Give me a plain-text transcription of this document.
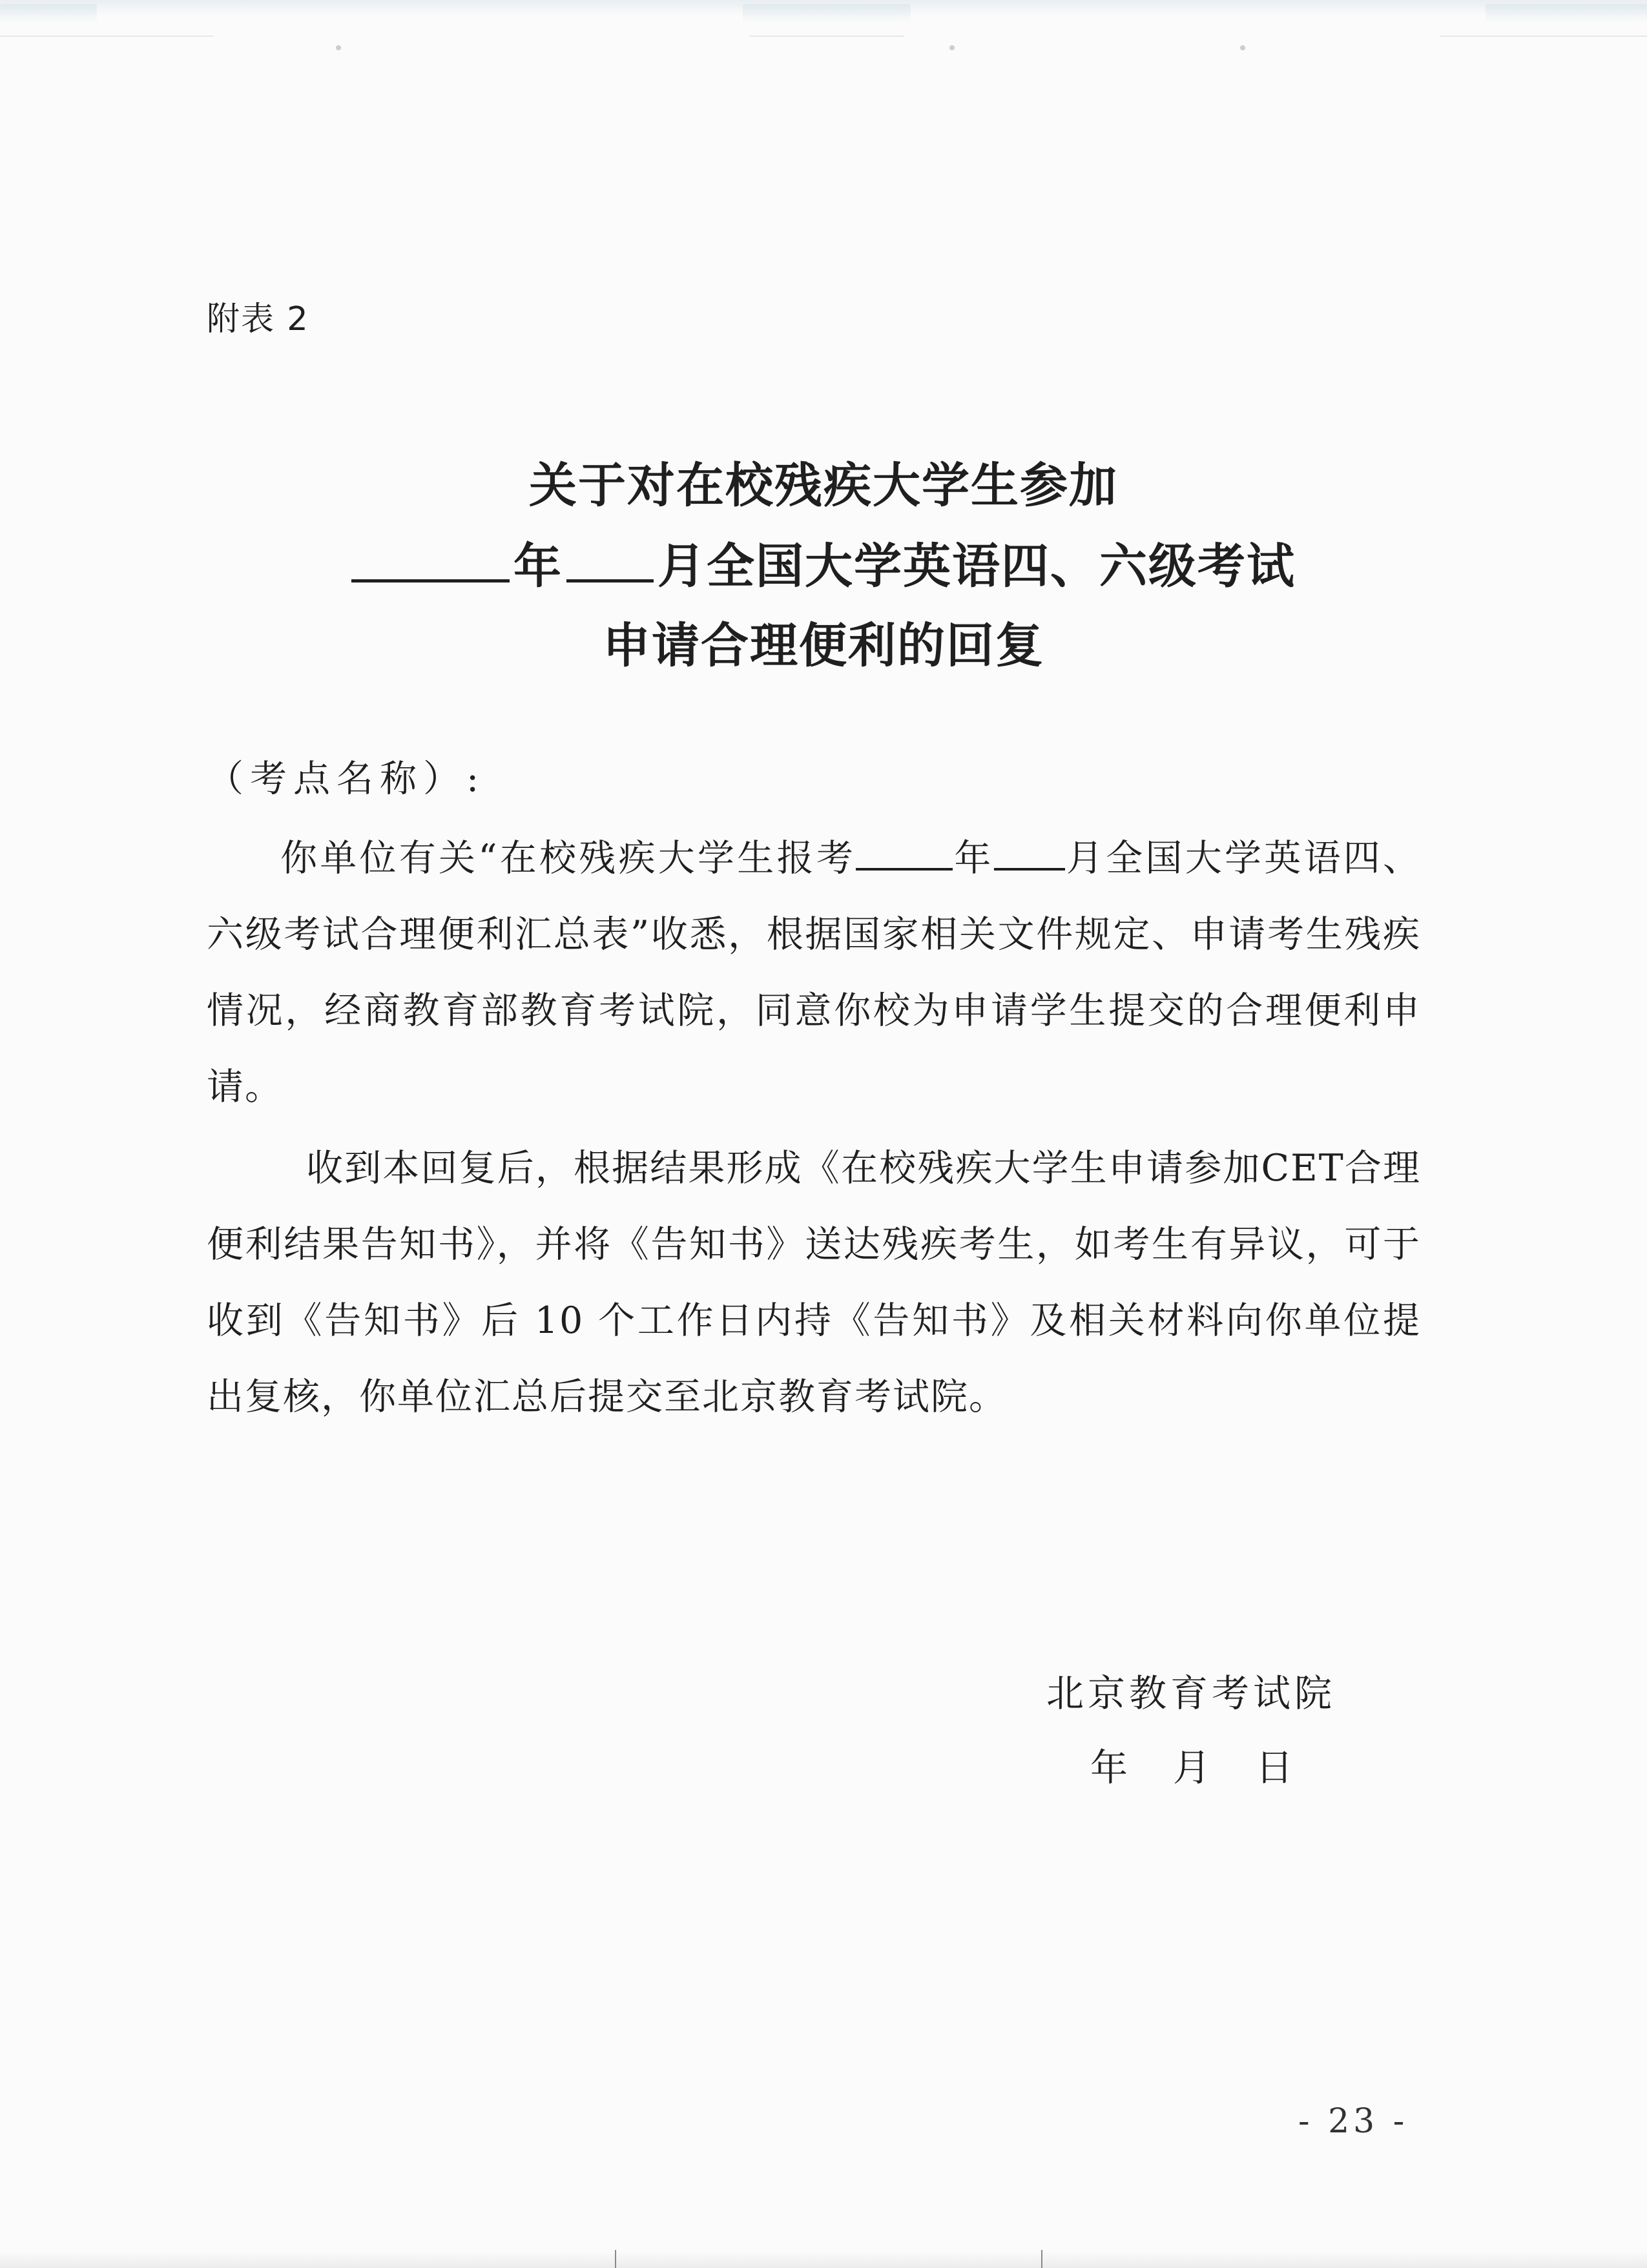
附表 2
关于对在校残疾大学生参加
年 月全国大学英语四、六级考试
申请合理便利的回复
（考点名称）:
你单位有关“在校残疾大学生报考	年 月全国大学英语四、六级考试合理便利汇总表”收悉，根据国家相关文件规定、申请考生残疾情况，经商教育部教育考试院，同意你校为申请学生提交的合理便利申请。
收到本回复后，根据结果形成《在校残疾大学生申请参加CET合理便利结果告知书》，并将《告知书》送达残疾考生，如考生有异议，可于收到《告知书》后 10 个工作日内持《告知书》及相关材料向你单位提出复核，你单位汇总后提交至北京教育考试院。
北京教育考试院
年 月 日
- 23 -
